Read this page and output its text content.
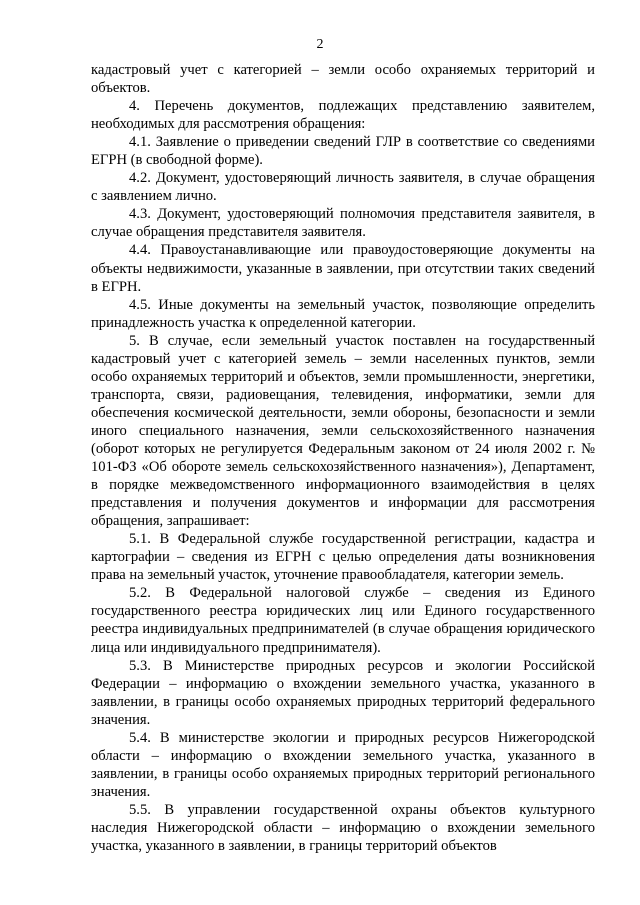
2

кадастровый учет с категорией – земли особо охраняемых территорий и объектов.

4. Перечень документов, подлежащих представлению заявителем, необходимых для рассмотрения обращения:

4.1. Заявление о приведении сведений ГЛР в соответствие со сведениями ЕГРН (в свободной форме).

4.2. Документ, удостоверяющий личность заявителя, в случае обращения с заявлением лично.

4.3. Документ, удостоверяющий полномочия представителя заявителя, в случае обращения представителя заявителя.

4.4. Правоустанавливающие или правоудостоверяющие документы на объекты недвижимости, указанные в заявлении, при отсутствии таких сведений в ЕГРН.

4.5. Иные документы на земельный участок, позволяющие определить принадлежность участка к определенной категории.

5. В случае, если земельный участок поставлен на государственный кадастровый учет с категорией земель – земли населенных пунктов, земли особо охраняемых территорий и объектов, земли промышленности, энергетики, транспорта, связи, радиовещания, телевидения, информатики, земли для обеспечения космической деятельности, земли обороны, безопасности и земли иного специального назначения, земли сельскохозяйственного назначения (оборот которых не регулируется Федеральным законом от 24 июля 2002 г. № 101-ФЗ «Об обороте земель сельскохозяйственного назначения»), Департамент, в порядке межведомственного информационного взаимодействия в целях представления и получения документов и информации для рассмотрения обращения, запрашивает:

5.1. В Федеральной службе государственной регистрации, кадастра и картографии – сведения из ЕГРН с целью определения даты возникновения права на земельный участок, уточнение правообладателя, категории земель.

5.2. В Федеральной налоговой службе – сведения из Единого государственного реестра юридических лиц или Единого государственного реестра индивидуальных предпринимателей (в случае обращения юридического лица или индивидуального предпринимателя).

5.3. В Министерстве природных ресурсов и экологии Российской Федерации – информацию о вхождении земельного участка, указанного в заявлении, в границы особо охраняемых природных территорий федерального значения.

5.4. В министерстве экологии и природных ресурсов Нижегородской области – информацию о вхождении земельного участка, указанного в заявлении, в границы особо охраняемых природных территорий регионального значения.

5.5. В управлении государственной охраны объектов культурного наследия Нижегородской области – информацию о вхождении земельного участка, указанного в заявлении, в границы территорий объектов
